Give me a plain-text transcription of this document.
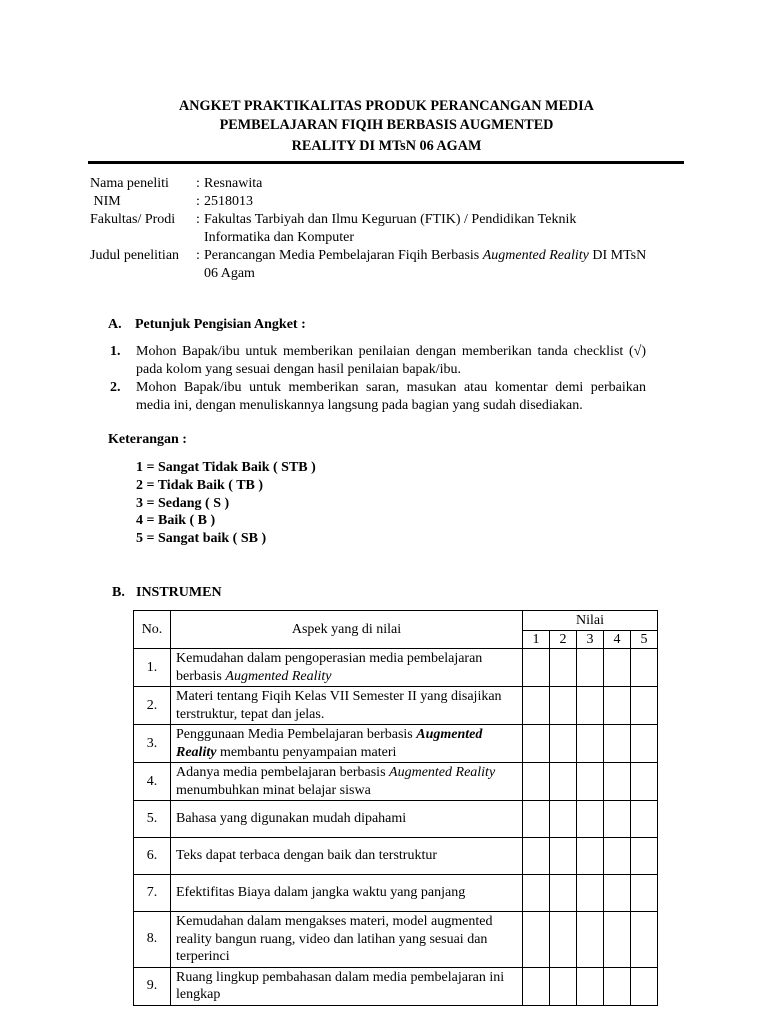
ANGKET PRAKTIKALITAS PRODUK PERANCANGAN MEDIA
PEMBELAJARAN FIQIH BERBASIS AUGMENTED
REALITY DI MTsN 06 AGAM
Nama peneliti	: Resnawita
NIM	: 2518013
Fakultas/ Prodi	: Fakultas Tarbiyah dan Ilmu Keguruan (FTIK) / Pendidikan Teknik Informatika dan Komputer
Judul penelitian	: Perancangan Media Pembelajaran Fiqih Berbasis Augmented Reality DI MTsN 06 Agam
A. Petunjuk Pengisian Angket :
1.	Mohon Bapak/ibu untuk memberikan penilaian dengan memberikan tanda checklist (√) pada kolom yang sesuai dengan hasil penilaian bapak/ibu.
2.	Mohon Bapak/ibu untuk memberikan saran, masukan atau komentar demi perbaikan media ini, dengan menuliskannya langsung pada bagian yang sudah disediakan.
Keterangan :
1 = Sangat Tidak Baik ( STB )
2 = Tidak Baik ( TB )
3 = Sedang ( S )
4 = Baik ( B )
5 = Sangat baik ( SB )
B. INSTRUMEN
No.	Aspek yang di nilai	Nilai				
		1	2	3	4	5
1.	Kemudahan dalam pengoperasian media pembelajaran berbasis Augmented Reality					
2.	Materi tentang Fiqih Kelas VII Semester II yang disajikan terstruktur, tepat dan jelas.					
3.	Penggunaan Media Pembelajaran berbasis Augmented Reality membantu penyampaian materi					
4.	Adanya media pembelajaran berbasis Augmented Reality menumbuhkan minat belajar siswa					
5.	Bahasa yang digunakan mudah dipahami					
6.	Teks dapat terbaca dengan baik dan terstruktur					
7.	Efektifitas Biaya dalam jangka waktu yang panjang					
8.	Kemudahan dalam mengakses materi, model augmented reality bangun ruang, video dan latihan yang sesuai dan terperinci					
9.	Ruang lingkup pembahasan dalam media pembelajaran ini lengkap					
